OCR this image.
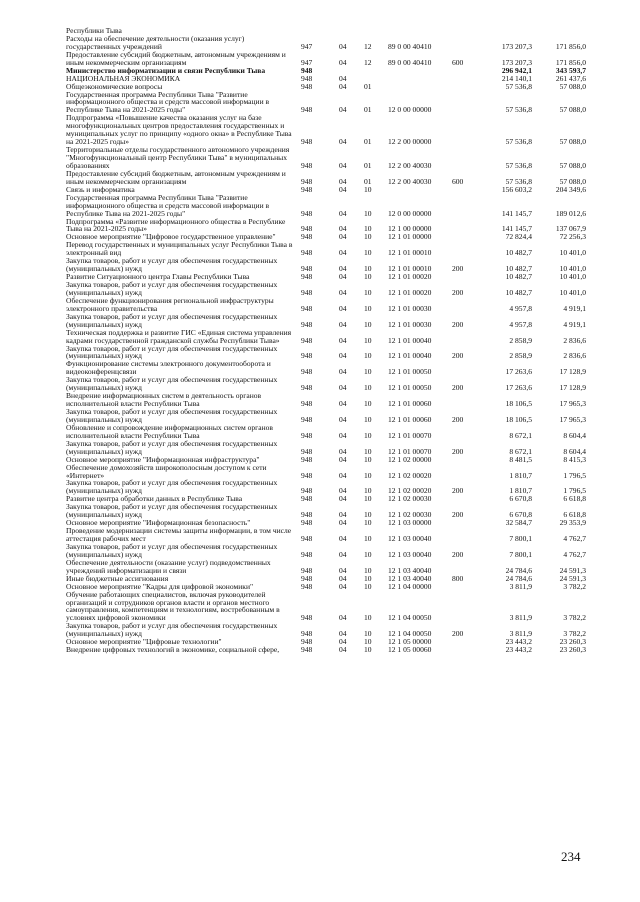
Республики Тыва							
Расходы на обеспечение деятельности (оказания услуг) государственных учреждений	947	04	12	89 0 00 40410		173 207,3	171 856,0
Предоставление субсидий бюджетным, автономным учреждениям и иным некоммерческим организациям	947	04	12	89 0 00 40410	600	173 207,3	171 856,0
Министерство информатизации и связи Республики Тыва	948					296 942,1	343 593,7
НАЦИОНАЛЬНАЯ ЭКОНОМИКА	948	04				214 140,1	261 437,6
Общеэкономические вопросы	948	04	01			57 536,8	57 088,0
Государственная программа Республики Тыва "Развитие информационного общества и средств массовой информации в Республике Тыва на 2021-2025 годы"	948	04	01	12 0 00 00000		57 536,8	57 088,0
Подпрограмма «Повышение качества оказания услуг на базе многофункциональных центров предоставления государственных и муниципальных услуг по принципу «одного окна» в Республике Тыва на 2021-2025 годы»	948	04	01	12 2 00 00000		57 536,8	57 088,0
Территориальные отделы государственного автономного учреждения "Многофункциональный центр Республики Тыва" в муниципальных образованиях	948	04	01	12 2 00 40030		57 536,8	57 088,0
Предоставление субсидий бюджетным, автономным учреждениям и иным некоммерческим организациям	948	04	01	12 2 00 40030	600	57 536,8	57 088,0
Связь и информатика	948	04	10			156 603,2	204 349,6
Государственная программа Республики Тыва "Развитие информационного общества и средств массовой информации в Республике Тыва на 2021-2025 годы"	948	04	10	12 0 00 00000		141 145,7	189 012,6
Подпрограмма «Развитие информационного общества в Республике Тыва на 2021-2025 годы»	948	04	10	12 1 00 00000		141 145,7	137 067,9
Основное мероприятие "Цифровое государственное управление"	948	04	10	12 1 01 00000		72 824,4	72 256,3
Перевод государственных и муниципальных услуг Республики Тыва в электронный вид	948	04	10	12 1 01 00010		10 482,7	10 401,0
Закупка товаров, работ и услуг для обеспечения государственных (муниципальных) нужд	948	04	10	12 1 01 00010	200	10 482,7	10 401,0
Развитие Ситуационного центра Главы Республики Тыва	948	04	10	12 1 01 00020		10 482,7	10 401,0
Закупка товаров, работ и услуг для обеспечения государственных (муниципальных) нужд	948	04	10	12 1 01 00020	200	10 482,7	10 401,0
Обеспечение функционирования региональной инфраструктуры электронного правительства	948	04	10	12 1 01 00030		4 957,8	4 919,1
Закупка товаров, работ и услуг для обеспечения государственных (муниципальных) нужд	948	04	10	12 1 01 00030	200	4 957,8	4 919,1
Техническая поддержка и развитие ГИС «Единая система управления кадрами государственной гражданской службы Республики Тыва»	948	04	10	12 1 01 00040		2 858,9	2 836,6
Закупка товаров, работ и услуг для обеспечения государственных (муниципальных) нужд	948	04	10	12 1 01 00040	200	2 858,9	2 836,6
Функционирование системы электронного документооборота и видеоконференцсвязи	948	04	10	12 1 01 00050		17 263,6	17 128,9
Закупка товаров, работ и услуг для обеспечения государственных (муниципальных) нужд	948	04	10	12 1 01 00050	200	17 263,6	17 128,9
Внедрение информационных систем в деятельность органов исполнительной власти Республики Тыва	948	04	10	12 1 01 00060		18 106,5	17 965,3
Закупка товаров, работ и услуг для обеспечения государственных (муниципальных) нужд	948	04	10	12 1 01 00060	200	18 106,5	17 965,3
Обновление и сопровождение информационных систем органов исполнительной власти Республики Тыва	948	04	10	12 1 01 00070		8 672,1	8 604,4
Закупка товаров, работ и услуг для обеспечения государственных (муниципальных) нужд	948	04	10	12 1 01 00070	200	8 672,1	8 604,4
Основное мероприятие "Информационная инфраструктура"	948	04	10	12 1 02 00000		8 481,5	8 415,3
Обеспечение домохозяйств широкополосным доступом к сети «Интернет»	948	04	10	12 1 02 00020		1 810,7	1 796,5
Закупка товаров, работ и услуг для обеспечения государственных (муниципальных) нужд	948	04	10	12 1 02 00020	200	1 810,7	1 796,5
Развитие центра обработки данных в Республике Тыва	948	04	10	12 1 02 00030		6 670,8	6 618,8
Закупка товаров, работ и услуг для обеспечения государственных (муниципальных) нужд	948	04	10	12 1 02 00030	200	6 670,8	6 618,8
Основное мероприятие "Информационная безопасность"	948	04	10	12 1 03 00000		32 584,7	29 353,9
Проведение модернизации системы защиты информации, в том числе аттестация рабочих мест	948	04	10	12 1 03 00040		7 800,1	4 762,7
Закупка товаров, работ и услуг для обеспечения государственных (муниципальных) нужд	948	04	10	12 1 03 00040	200	7 800,1	4 762,7
Обеспечение деятельности (оказание услуг) подведомственных учреждений информатизации и связи	948	04	10	12 1 03 40040		24 784,6	24 591,3
Иные бюджетные ассигнования	948	04	10	12 1 03 40040	800	24 784,6	24 591,3
Основное мероприятие "Кадры для цифровой экономики"	948	04	10	12 1 04 00000		3 811,9	3 782,2
Обучение работающих специалистов, включая руководителей организаций и сотрудников органов власти и органов местного самоуправления, компетенциям и технологиям, востребованным в условиях цифровой экономики	948	04	10	12 1 04 00050		3 811,9	3 782,2
Закупка товаров, работ и услуг для обеспечения государственных (муниципальных) нужд	948	04	10	12 1 04 00050	200	3 811,9	3 782,2
Основное мероприятие "Цифровые технологии"	948	04	10	12 1 05 00000		23 443,2	23 260,3
Внедрение цифровых технологий в экономике, социальной сфере,	948	04	10	12 1 05 00060		23 443,2	23 260,3
234
